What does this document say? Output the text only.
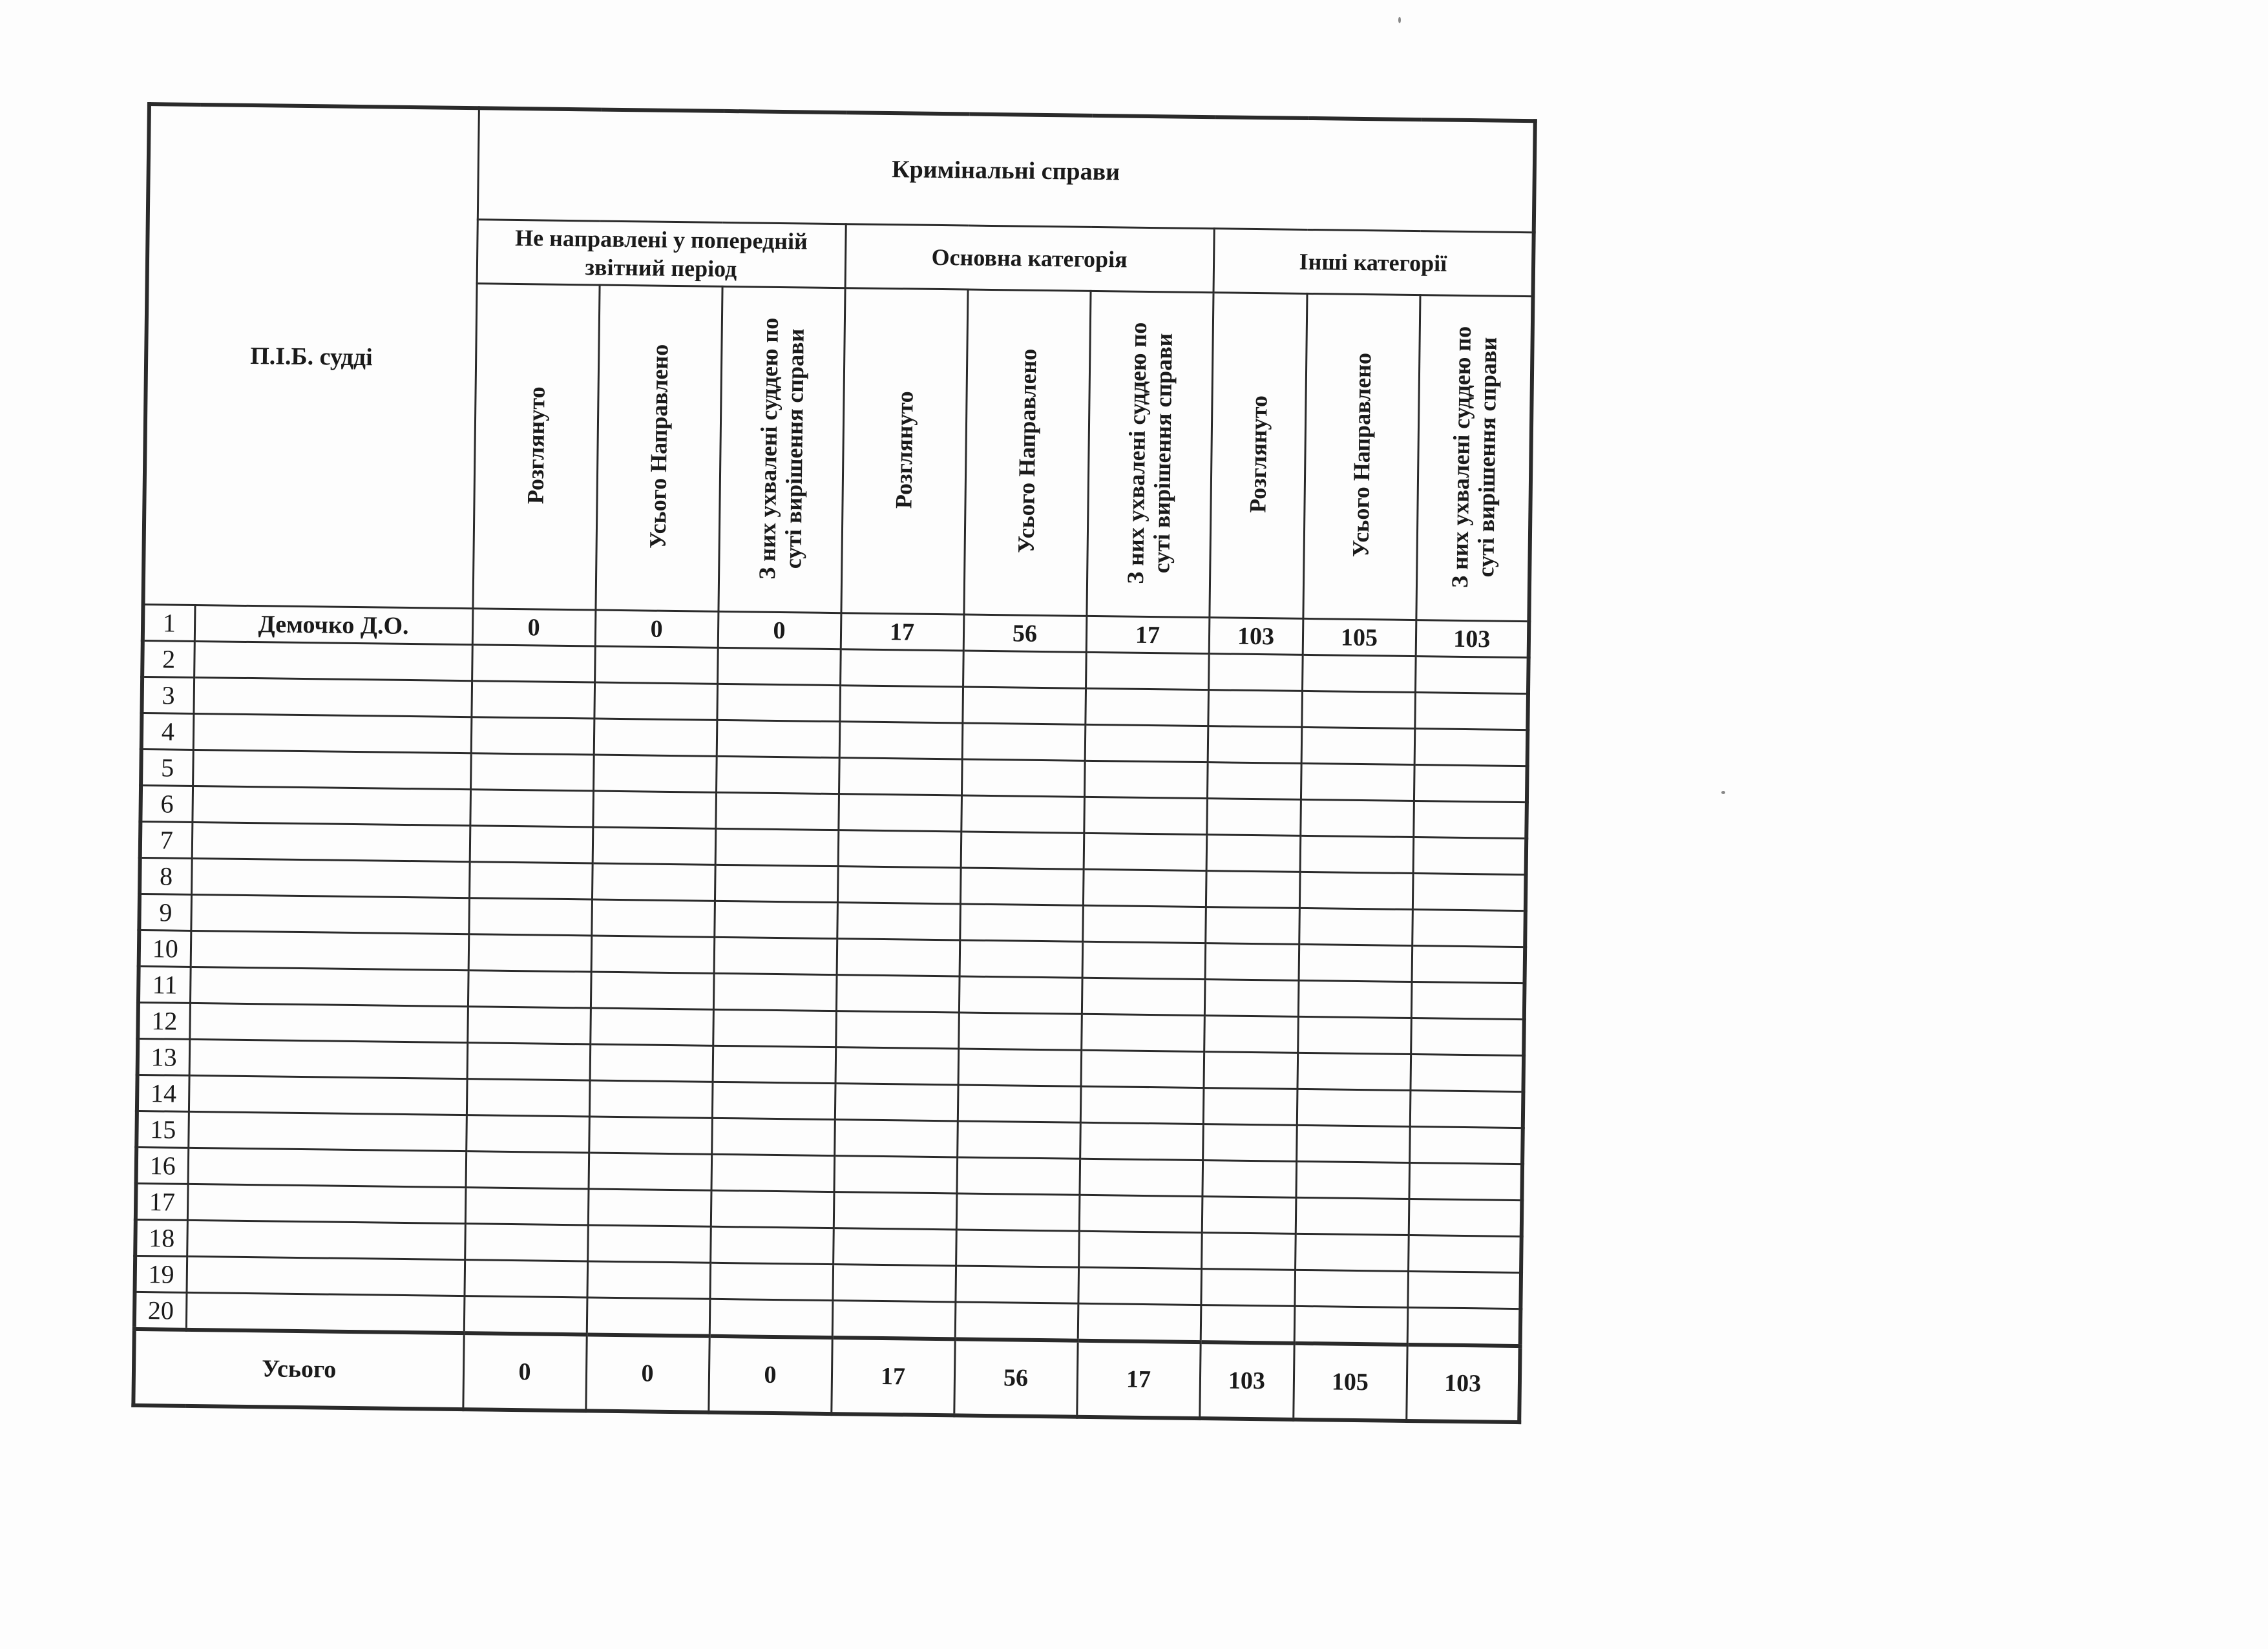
П.І.Б. судді		Кримінальні справи								
		Не направлені у попередній звітний період			Основна категорія			Інші категорії		
		Розглянуто	Усього Направлено	З них ухвалені суддею по суті вирішення справи	Розглянуто	Усього Направлено	З них ухвалені суддею по суті вирішення справи	Розглянуто	Усього Направлено	З них ухвалені суддею по суті вирішення справи
1	Демочко Д.О.	0	0	0	17	56	17	103	105	103
2										
3										
4										
5										
6										
7										
8										
9										
10										
11										
12										
13										
14										
15										
16										
17										
18										
19										
20										
Усього		0	0	0	17	56	17	103	105	103
